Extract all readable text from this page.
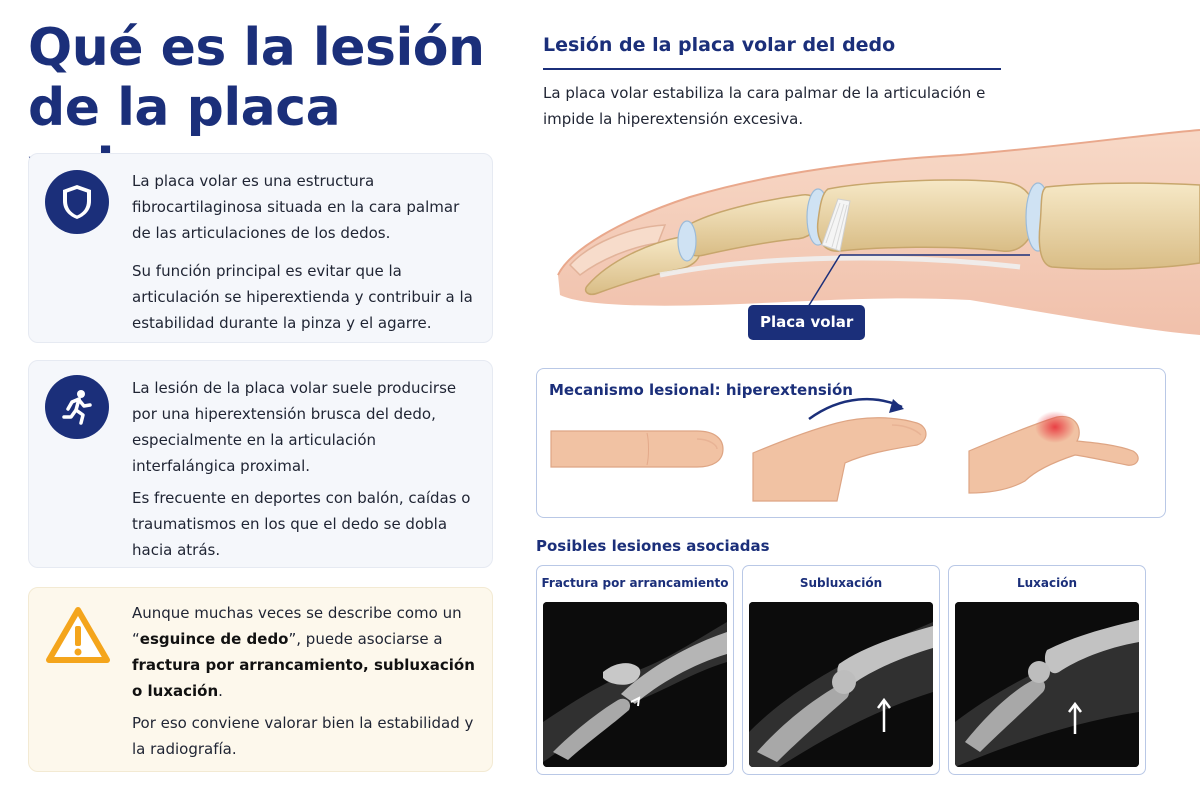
Qué es la lesión de la placa

La placa volar es una estructura fibrocartilaginosa situada en la cara palmar de las articulaciones de los dedos.

Su función principal es evitar que la articulación se hiperextienda y contribuir a la estabilidad durante la pinza y el agarre.

La lesión de la placa volar suele producirse por una hiperextensión brusca del dedo, especialmente en la articulación interfalángica proximal.

Es frecuente en deportes con balón, caídas o traumatismos en los que el dedo se dobla hacia atrás.

Aunque muchas veces se describe como un “esguince de dedo”, puede asociarse a fractura por arrancamiento, subluxación o luxación.

Por eso conviene valorar bien la estabilidad y la radiografía.

Lesión de la placa volar del dedo
La placa volar estabiliza la cara palmar de la articulación e impide la hiperextensión excesiva.
Placa volar
Mecanismo lesional: hiperextensión
Posibles lesiones asociadas
Fractura por arrancamiento	Subluxación	Luxación
